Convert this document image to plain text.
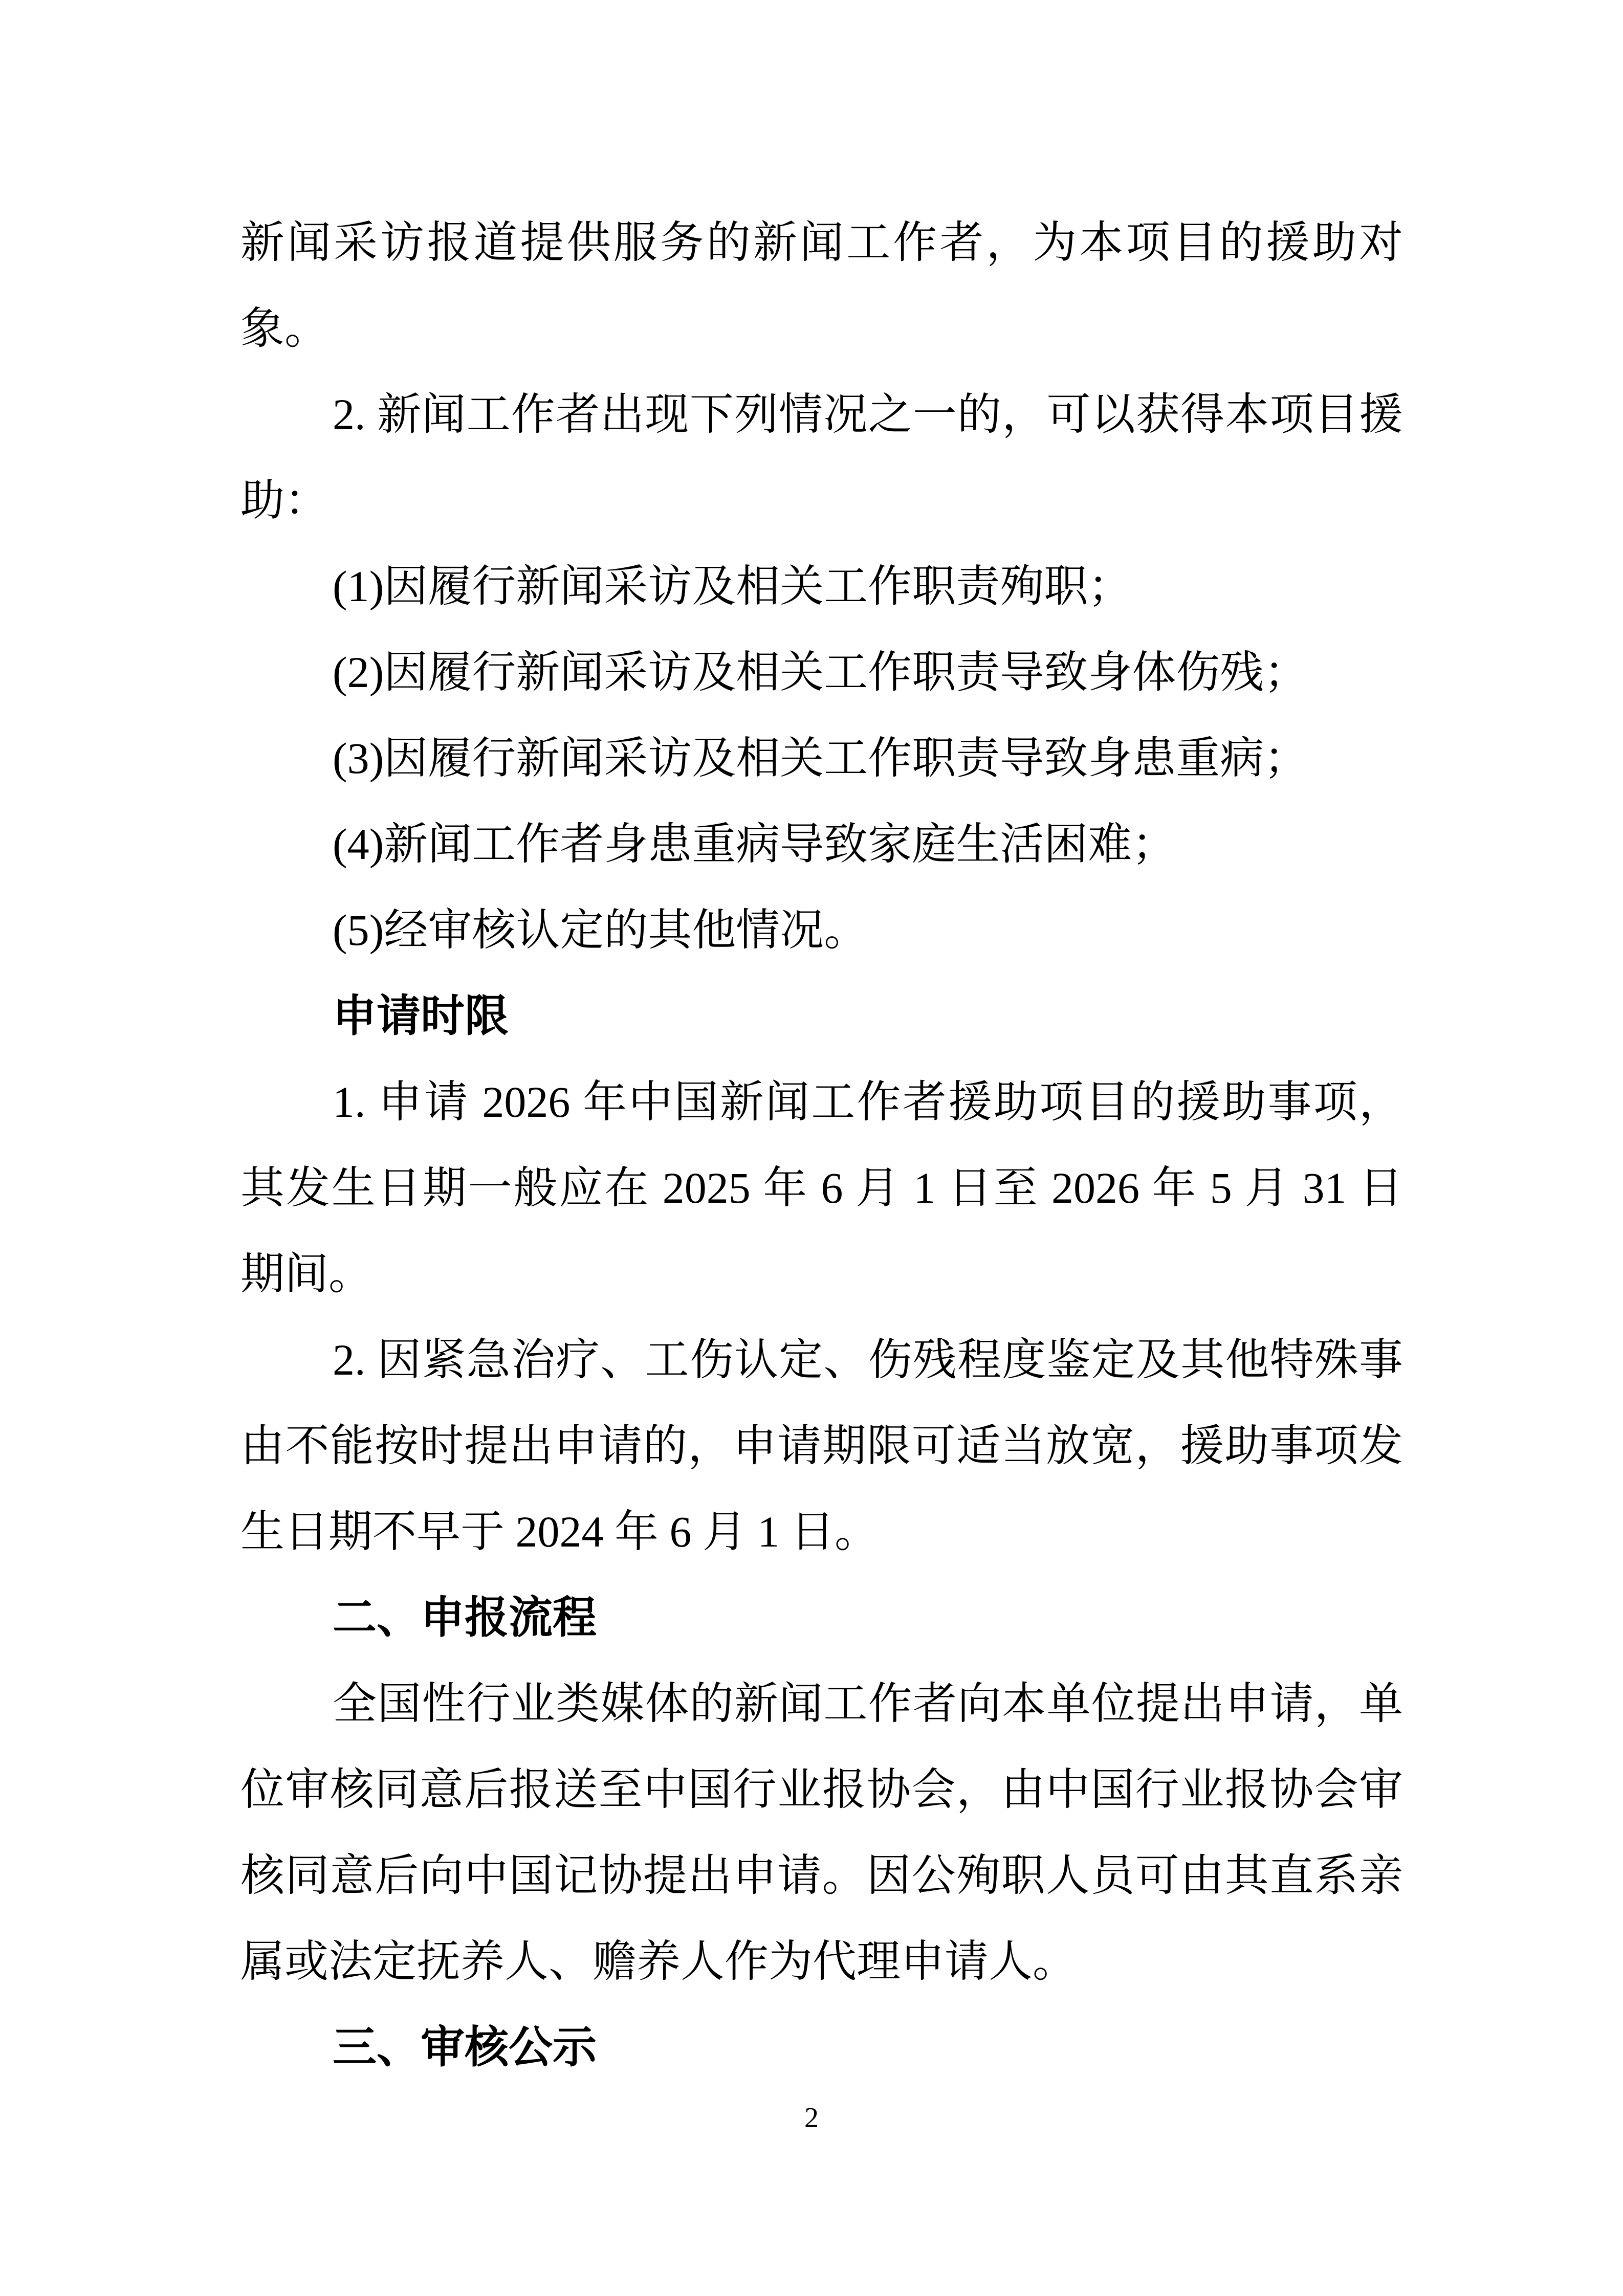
新闻采访报道提供服务的新闻工作者，为本项目的援助对
象。
2. 新闻工作者出现下列情况之一的，可以获得本项目援
助：
(1)因履行新闻采访及相关工作职责殉职；
(2)因履行新闻采访及相关工作职责导致身体伤残；
(3)因履行新闻采访及相关工作职责导致身患重病；
(4)新闻工作者身患重病导致家庭生活困难；
(5)经审核认定的其他情况。
申请时限
1. 申请 2026 年中国新闻工作者援助项目的援助事项，
其发生日期一般应在 2025 年 6 月 1 日至 2026 年 5 月 31 日
期间。
2. 因紧急治疗、工伤认定、伤残程度鉴定及其他特殊事
由不能按时提出申请的，申请期限可适当放宽，援助事项发
生日期不早于 2024 年 6 月 1 日。
二、申报流程
全国性行业类媒体的新闻工作者向本单位提出申请，单
位审核同意后报送至中国行业报协会，由中国行业报协会审
核同意后向中国记协提出申请。因公殉职人员可由其直系亲
属或法定抚养人、赡养人作为代理申请人。
三、审核公示
2
